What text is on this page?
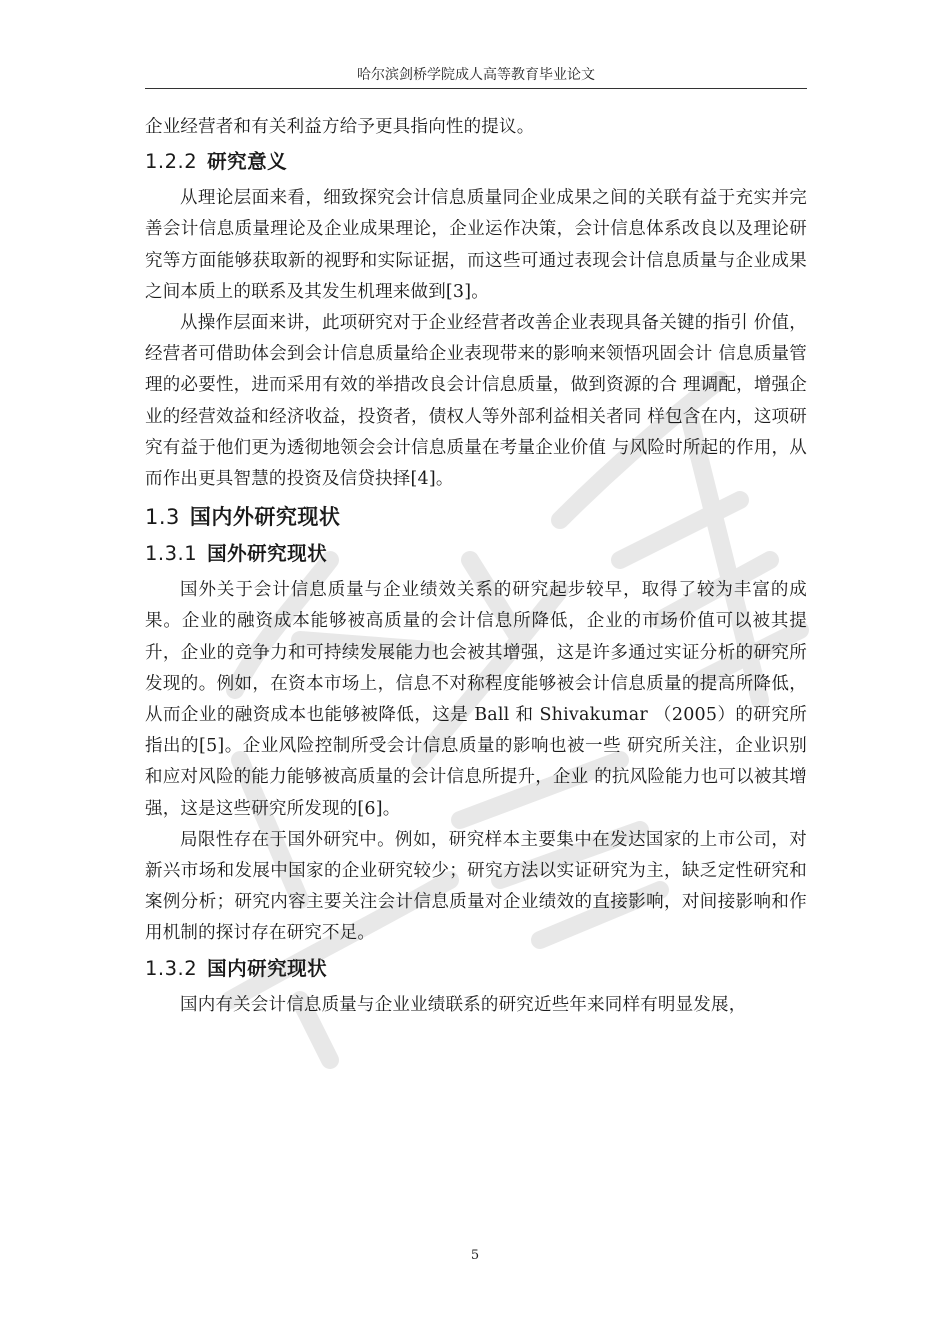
哈尔滨剑桥学院成人高等教育毕业论文

企业经营者和有关利益方给予更具指向性的提议。

1.2.2 研究意义

从理论层面来看，细致探究会计信息质量同企业成果之间的关联有益于充实并完善会计信息质量理论及企业成果理论，企业运作决策，会计信息体系改良以及理论研究等方面能够获取新的视野和实际证据，而这些可通过表现会计信息质量与企业成果之间本质上的联系及其发生机理来做到[3]。

从操作层面来讲，此项研究对于企业经营者改善企业表现具备关键的指引 价值，经营者可借助体会到会计信息质量给企业表现带来的影响来领悟巩固会计 信息质量管理的必要性，进而采用有效的举措改良会计信息质量，做到资源的合 理调配，增强企业的经营效益和经济收益，投资者，债权人等外部利益相关者同 样包含在内，这项研究有益于他们更为透彻地领会会计信息质量在考量企业价值 与风险时所起的作用，从而作出更具智慧的投资及信贷抉择[4]。

1.3 国内外研究现状
1.3.1 国外研究现状

国外关于会计信息质量与企业绩效关系的研究起步较早，取得了较为丰富的成果。企业的融资成本能够被高质量的会计信息所降低，企业的市场价值可以被其提升，企业的竞争力和可持续发展能力也会被其增强，这是许多通过实证分析的研究所发现的。例如，在资本市场上，信息不对称程度能够被会计信息质量的提高所降低，从而企业的融资成本也能够被降低，这是 Ball 和 Shivakumar （2005）的研究所指出的[5]。企业风险控制所受会计信息质量的影响也被一些 研究所关注，企业识别和应对风险的能力能够被高质量的会计信息所提升，企业 的抗风险能力也可以被其增强，这是这些研究所发现的[6]。

局限性存在于国外研究中。例如，研究样本主要集中在发达国家的上市公司，对新兴市场和发展中国家的企业研究较少；研究方法以实证研究为主，缺乏定性研究和案例分析；研究内容主要关注会计信息质量对企业绩效的直接影响，对间接影响和作用机制的探讨存在研究不足。

1.3.2 国内研究现状

国内有关会计信息质量与企业业绩联系的研究近些年来同样有明显发展，

5
